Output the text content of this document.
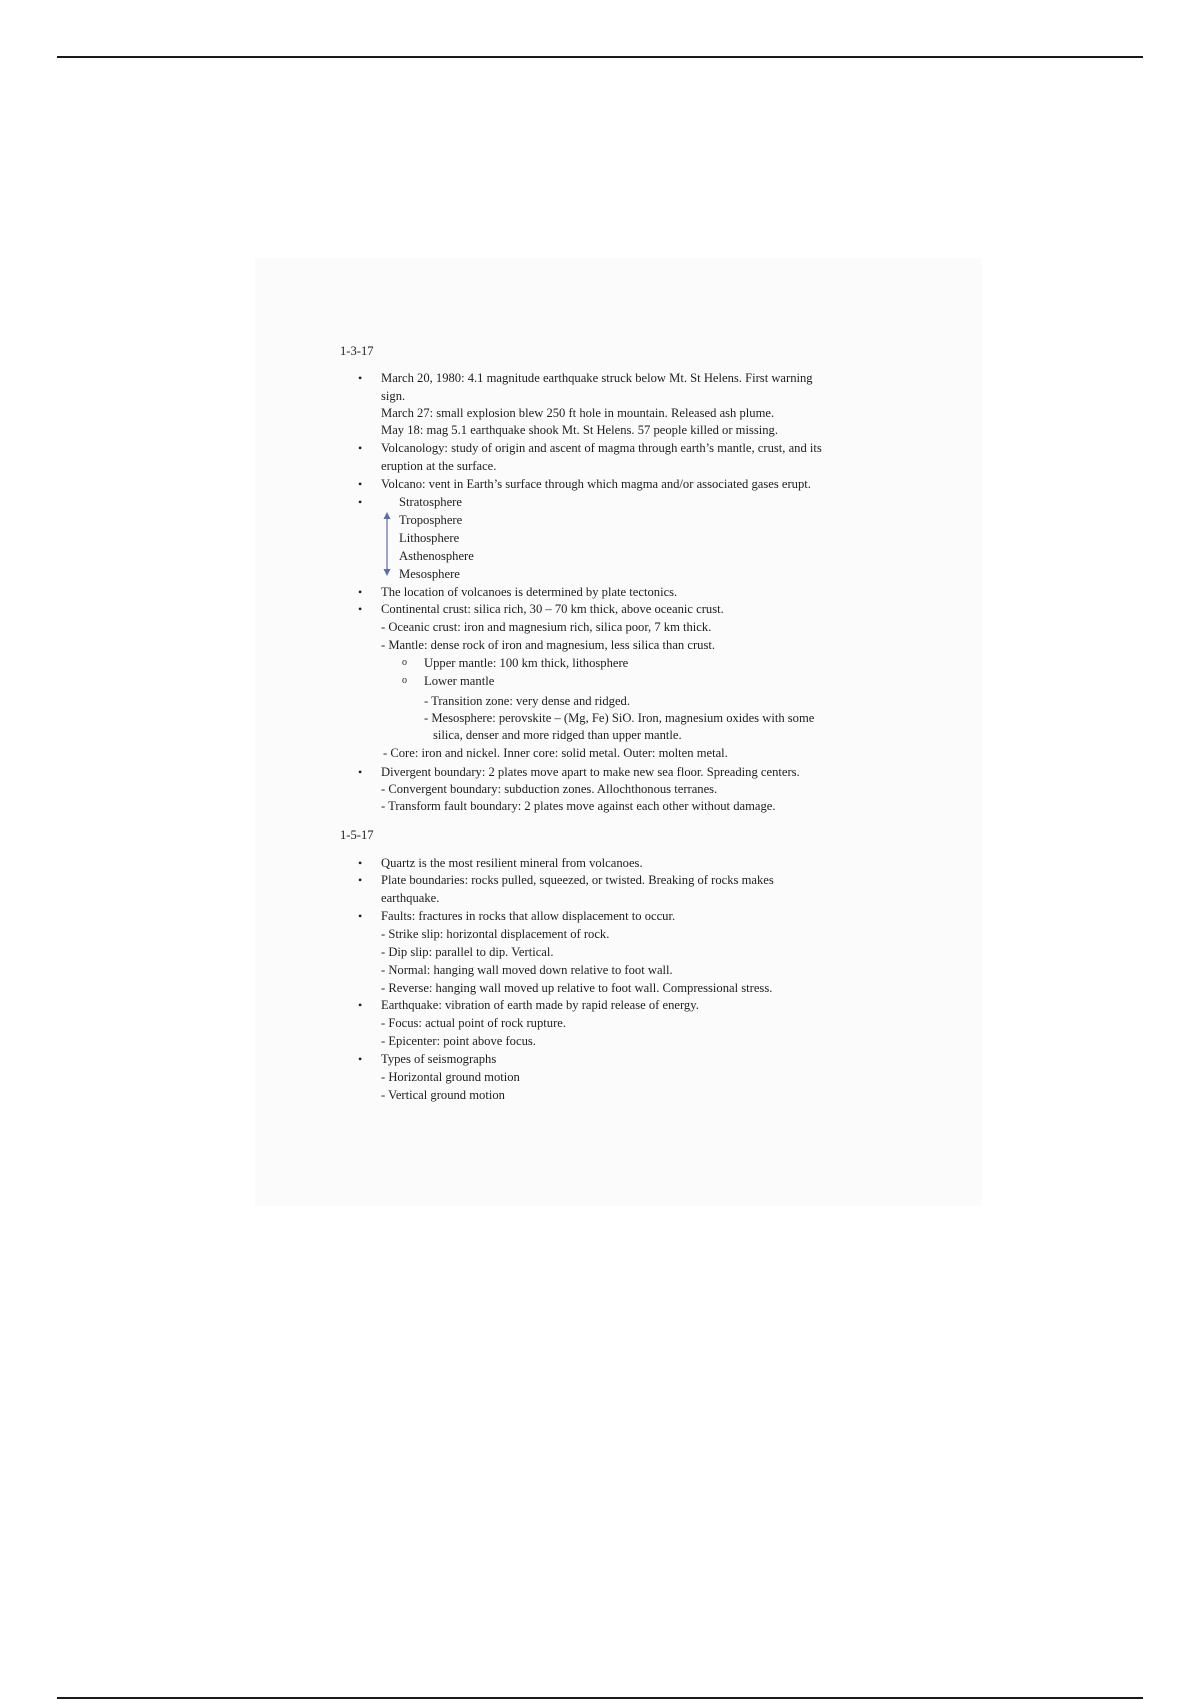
1-3-17
• March 20, 1980: 4.1 magnitude earthquake struck below Mt. St Helens. First warning
sign.
March 27: small explosion blew 250 ft hole in mountain. Released ash plume.
May 18: mag 5.1 earthquake shook Mt. St Helens. 57 people killed or missing.
• Volcanology: study of origin and ascent of magma through earth’s mantle, crust, and its
eruption at the surface.
• Volcano: vent in Earth’s surface through which magma and/or associated gases erupt.
•	Stratosphere
Troposphere
Lithosphere
Asthenosphere
Mesosphere
• The location of volcanoes is determined by plate tectonics.
• Continental crust: silica rich, 30 – 70 km thick, above oceanic crust.
- Oceanic crust: iron and magnesium rich, silica poor, 7 km thick.
- Mantle: dense rock of iron and magnesium, less silica than crust.
o Upper mantle: 100 km thick, lithosphere
o Lower mantle
- Transition zone: very dense and ridged.
- Mesosphere: perovskite – (Mg, Fe) SiO. Iron, magnesium oxides with some
silica, denser and more ridged than upper mantle.
- Core: iron and nickel. Inner core: solid metal. Outer: molten metal.
• Divergent boundary: 2 plates move apart to make new sea floor. Spreading centers.
- Convergent boundary: subduction zones. Allochthonous terranes.
- Transform fault boundary: 2 plates move against each other without damage.
1-5-17
• Quartz is the most resilient mineral from volcanoes.
• Plate boundaries: rocks pulled, squeezed, or twisted. Breaking of rocks makes
earthquake.
• Faults: fractures in rocks that allow displacement to occur.
- Strike slip: horizontal displacement of rock.
- Dip slip: parallel to dip. Vertical.
- Normal: hanging wall moved down relative to foot wall.
- Reverse: hanging wall moved up relative to foot wall. Compressional stress.
• Earthquake: vibration of earth made by rapid release of energy.
- Focus: actual point of rock rupture.
- Epicenter: point above focus.
• Types of seismographs
- Horizontal ground motion
- Vertical ground motion
